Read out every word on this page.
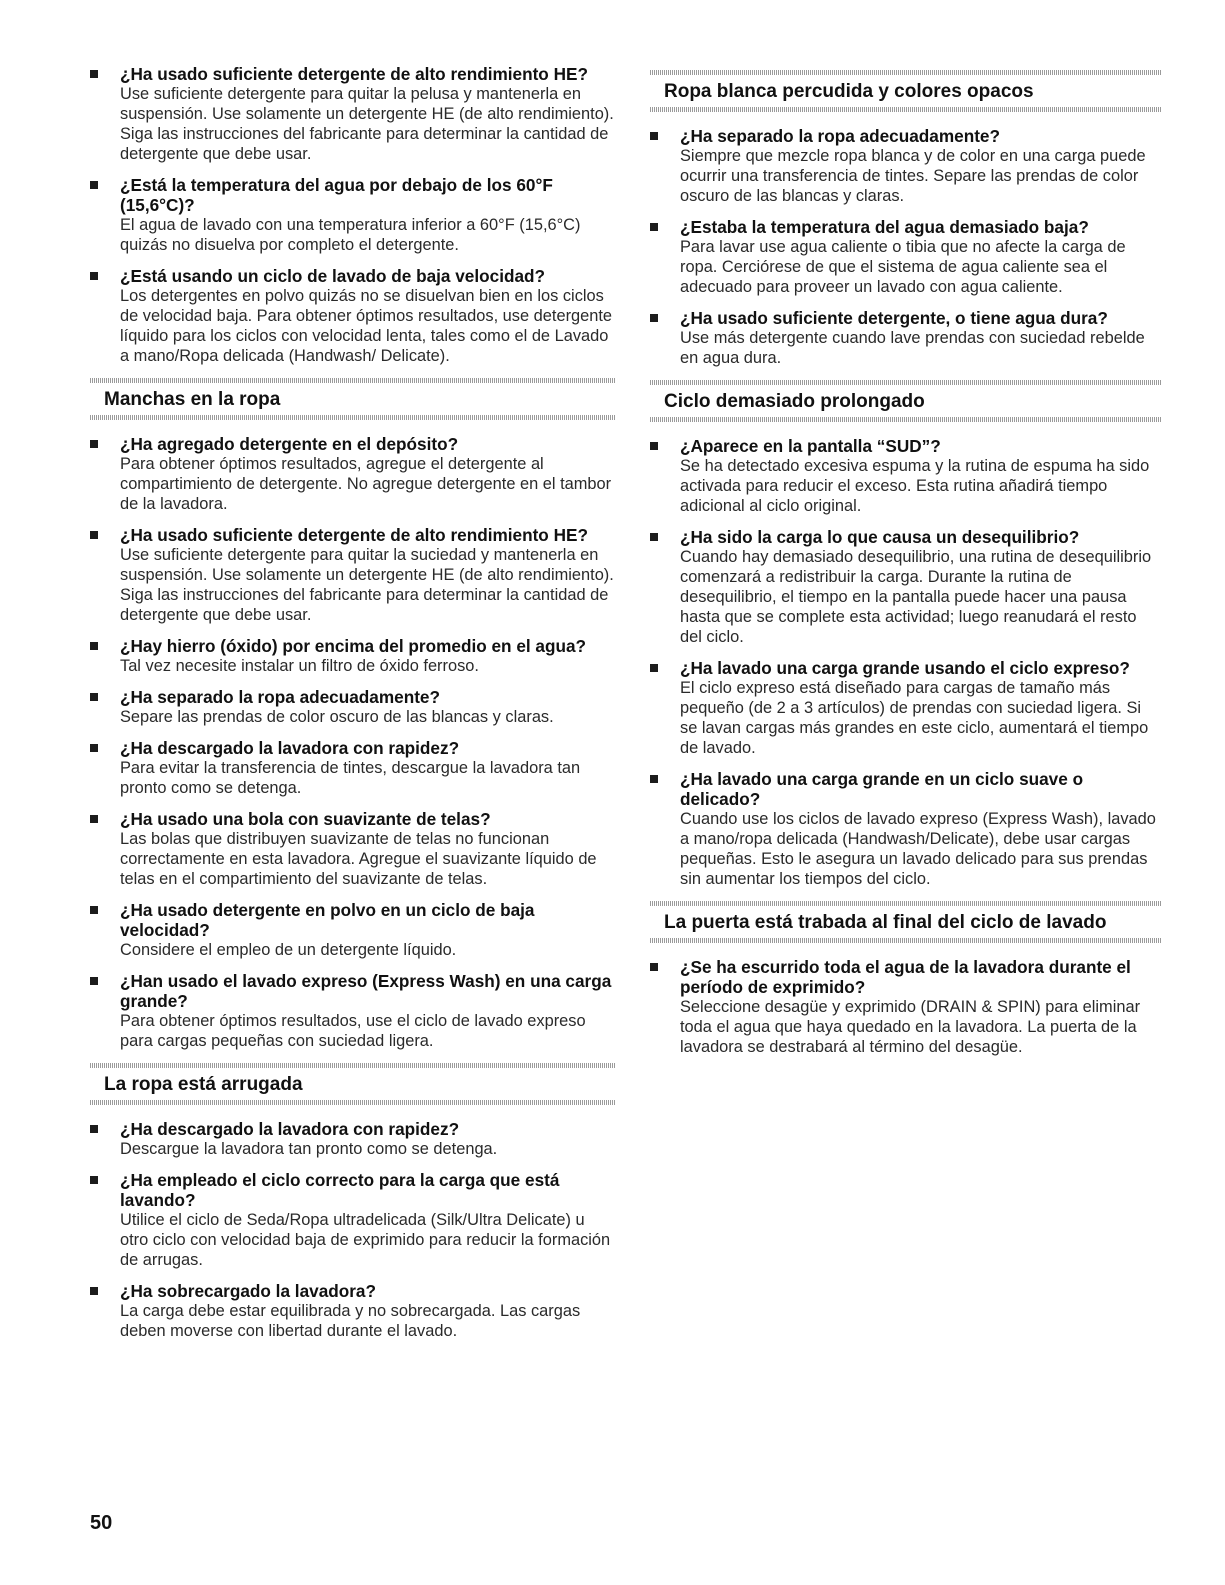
¿Ha usado suficiente detergente de alto rendimiento HE?
Use suficiente detergente para quitar la pelusa y mantenerla en suspensión. Use solamente un detergente HE (de alto rendimiento). Siga las instrucciones del fabricante para determinar la cantidad de detergente que debe usar.
¿Está la temperatura del agua por debajo de los 60°F (15,6°C)?
El agua de lavado con una temperatura inferior a 60°F (15,6°C) quizás no disuelva por completo el detergente.
¿Está usando un ciclo de lavado de baja velocidad?
Los detergentes en polvo quizás no se disuelvan bien en los ciclos de velocidad baja. Para obtener óptimos resultados, use detergente líquido para los ciclos con velocidad lenta, tales como el de Lavado a mano/Ropa delicada (Handwash/ Delicate).
Manchas en la ropa
¿Ha agregado detergente en el depósito?
Para obtener óptimos resultados, agregue el detergente al compartimiento de detergente. No agregue detergente en el tambor de la lavadora.
¿Ha usado suficiente detergente de alto rendimiento HE?
Use suficiente detergente para quitar la suciedad y mantenerla en suspensión. Use solamente un detergente HE (de alto rendimiento). Siga las instrucciones del fabricante para determinar la cantidad de detergente que debe usar.
¿Hay hierro (óxido) por encima del promedio en el agua?
Tal vez necesite instalar un filtro de óxido ferroso.
¿Ha separado la ropa adecuadamente?
Separe las prendas de color oscuro de las blancas y claras.
¿Ha descargado la lavadora con rapidez?
Para evitar la transferencia de tintes, descargue la lavadora tan pronto como se detenga.
¿Ha usado una bola con suavizante de telas?
Las bolas que distribuyen suavizante de telas no funcionan correctamente en esta lavadora. Agregue el suavizante líquido de telas en el compartimiento del suavizante de telas.
¿Ha usado detergente en polvo en un ciclo de baja velocidad?
Considere el empleo de un detergente líquido.
¿Han usado el lavado expreso (Express Wash) en una carga grande?
Para obtener óptimos resultados, use el ciclo de lavado expreso para cargas pequeñas con suciedad ligera.
La ropa está arrugada
¿Ha descargado la lavadora con rapidez?
Descargue la lavadora tan pronto como se detenga.
¿Ha empleado el ciclo correcto para la carga que está lavando?
Utilice el ciclo de Seda/Ropa ultradelicada (Silk/Ultra Delicate) u otro ciclo con velocidad baja de exprimido para reducir la formación de arrugas.
¿Ha sobrecargado la lavadora?
La carga debe estar equilibrada y no sobrecargada. Las cargas deben moverse con libertad durante el lavado.
Ropa blanca percudida y colores opacos
¿Ha separado la ropa adecuadamente?
Siempre que mezcle ropa blanca y de color en una carga puede ocurrir una transferencia de tintes. Separe las prendas de color oscuro de las blancas y claras.
¿Estaba la temperatura del agua demasiado baja?
Para lavar use agua caliente o tibia que no afecte la carga de ropa. Cerciórese de que el sistema de agua caliente sea el adecuado para proveer un lavado con agua caliente.
¿Ha usado suficiente detergente, o tiene agua dura?
Use más detergente cuando lave prendas con suciedad rebelde en agua dura.
Ciclo demasiado prolongado
¿Aparece en la pantalla “SUD”?
Se ha detectado excesiva espuma y la rutina de espuma ha sido activada para reducir el exceso. Esta rutina añadirá tiempo adicional al ciclo original.
¿Ha sido la carga lo que causa un desequilibrio?
Cuando hay demasiado desequilibrio, una rutina de desequilibrio comenzará a redistribuir la carga. Durante la rutina de desequilibrio, el tiempo en la pantalla puede hacer una pausa hasta que se complete esta actividad; luego reanudará el resto del ciclo.
¿Ha lavado una carga grande usando el ciclo expreso?
El ciclo expreso está diseñado para cargas de tamaño más pequeño (de 2 a 3 artículos) de prendas con suciedad ligera. Si se lavan cargas más grandes en este ciclo, aumentará el tiempo de lavado.
¿Ha lavado una carga grande en un ciclo suave o delicado?
Cuando use los ciclos de lavado expreso (Express Wash), lavado a mano/ropa delicada (Handwash/Delicate), debe usar cargas pequeñas. Esto le asegura un lavado delicado para sus prendas sin aumentar los tiempos del ciclo.
La puerta está trabada al final del ciclo de lavado
¿Se ha escurrido toda el agua de la lavadora durante el período de exprimido?
Seleccione desagüe y exprimido (DRAIN & SPIN) para eliminar toda el agua que haya quedado en la lavadora. La puerta de la lavadora se destrabará al término del desagüe.
50
